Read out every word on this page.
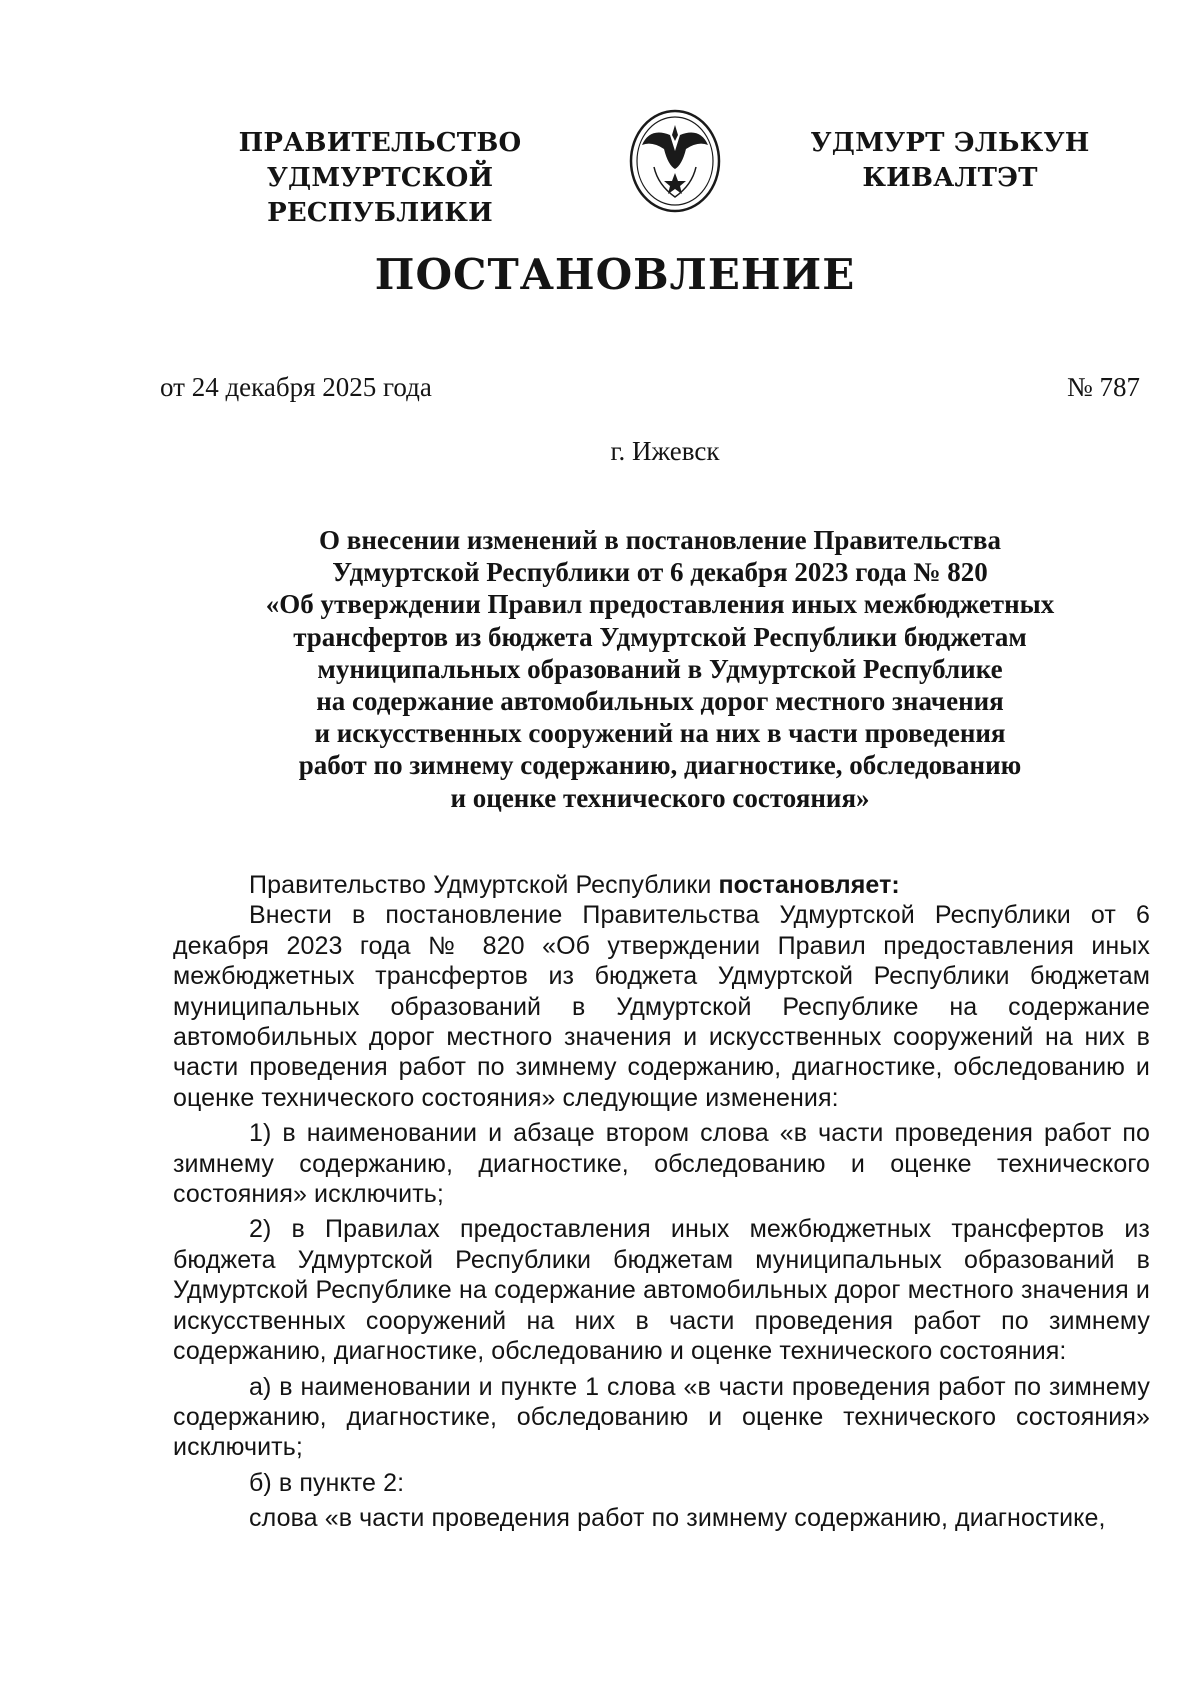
ПРАВИТЕЛЬСТВО
УДМУРТСКОЙ РЕСПУБЛИКИ
УДМУРТ ЭЛЬКУН
КИВАЛТЭТ
ПОСТАНОВЛЕНИЕ
от 24 декабря 2025 года	№ 787
г. Ижевск
О внесении изменений в постановление Правительства
Удмуртской Республики от 6 декабря 2023 года № 820
«Об утверждении Правил предоставления иных межбюджетных
трансфертов из бюджета Удмуртской Республики бюджетам
муниципальных образований в Удмуртской Республике
на содержание автомобильных дорог местного значения
и искусственных сооружений на них в части проведения
работ по зимнему содержанию, диагностике, обследованию
и оценке технического состояния»

Правительство Удмуртской Республики постановляет:

Внести в постановление Правительства Удмуртской Республики от 6 декабря 2023 года № 820 «Об утверждении Правил предоставления иных межбюджетных трансфертов из бюджета Удмуртской Республики бюджетам муниципальных образований в Удмуртской Республике на содержание автомобильных дорог местного значения и искусственных сооружений на них в части проведения работ по зимнему содержанию, диагностике, обследованию и оценке технического состояния» следующие изменения:

1) в наименовании и абзаце втором слова «в части проведения работ по зимнему содержанию, диагностике, обследованию и оценке технического состояния» исключить;

2) в Правилах предоставления иных межбюджетных трансфертов из бюджета Удмуртской Республики бюджетам муниципальных образований в Удмуртской Республике на содержание автомобильных дорог местного значения и искусственных сооружений на них в части проведения работ по зимнему содержанию, диагностике, обследованию и оценке технического состояния:

а) в наименовании и пункте 1 слова «в части проведения работ по зимнему содержанию, диагностике, обследованию и оценке технического состояния» исключить;

б) в пункте 2:

слова «в части проведения работ по зимнему содержанию, диагностике,
